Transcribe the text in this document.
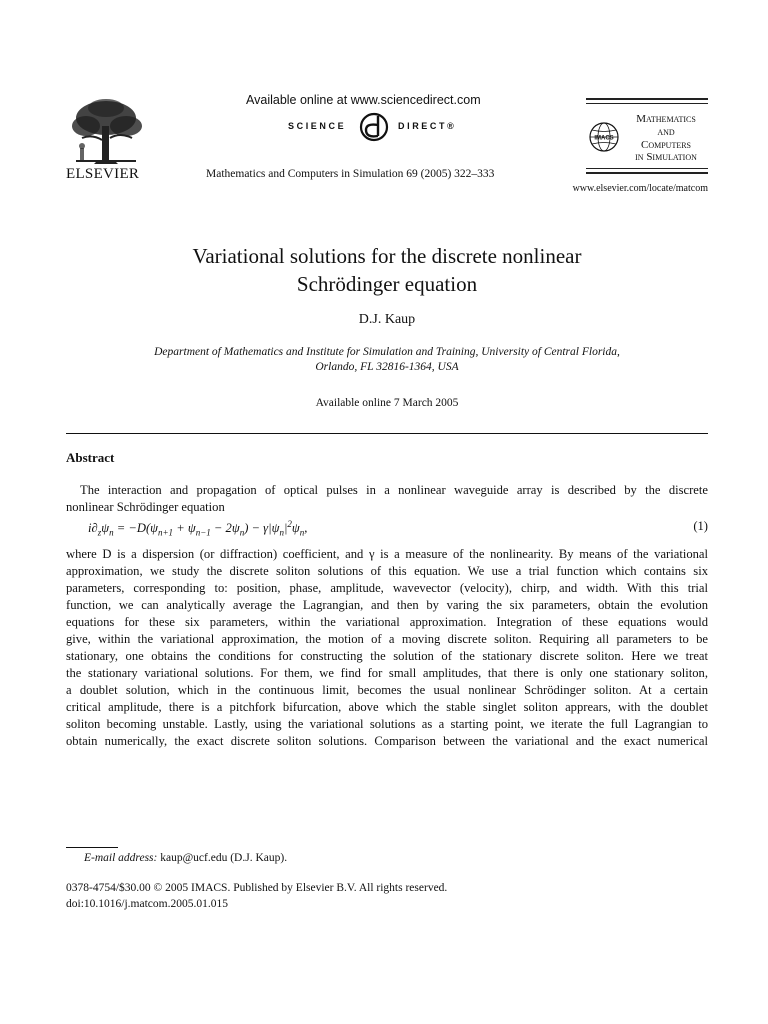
ELSEVIER
Available online at www.sciencedirect.com
SCIENCE	DIRECT®
Mathematics and Computers in Simulation 69 (2005) 322–333
IMACS
Mathematics
and
Computers
in Simulation
www.elsevier.com/locate/matcom
Variational solutions for the discrete nonlinear
Schrödinger equation
D.J. Kaup
Department of Mathematics and Institute for Simulation and Training, University of Central Florida,
Orlando, FL 32816-1364, USA
Available online 7 March 2005
Abstract
The interaction and propagation of optical pulses in a nonlinear waveguide array is described by the discrete
nonlinear Schrödinger equation
$i\partial_z\psi_n = -D(\psi_{n+1} + \psi_{n-1} - 2\psi_n) - \gamma|\psi_n|^2\psi_n$,	(1)
where D is a dispersion (or diffraction) coefficient, and γ is a measure of the nonlinearity. By means of the variational
approximation, we study the discrete soliton solutions of this equation. We use a trial function which contains six
parameters, corresponding to: position, phase, amplitude, wavevector (velocity), chirp, and width. With this trial
function, we can analytically average the Lagrangian, and then by varing the six parameters, obtain the evolution
equations for these six parameters, within the variational approximation. Integration of these equations would
give, within the variational approximation, the motion of a moving discrete soliton. Requiring all parameters to be
stationary, one obtains the conditions for constructing the solution of the stationary discrete soliton. Here we treat
the stationary variational solutions. For them, we find for small amplitudes, that there is only one stationary soliton,
a doublet solution, which in the continuous limit, becomes the usual nonlinear Schrödinger soliton. At a certain
critical amplitude, there is a pitchfork bifurcation, above which the stable singlet soliton apprears, with the doublet
soliton becoming unstable. Lastly, using the variational solutions as a starting point, we iterate the full Lagrangian to
obtain numerically, the exact discrete soliton solutions. Comparison between the variational and the exact numerical
E-mail address: kaup@ucf.edu (D.J. Kaup).
0378-4754/$30.00 © 2005 IMACS. Published by Elsevier B.V. All rights reserved.
doi:10.1016/j.matcom.2005.01.015
